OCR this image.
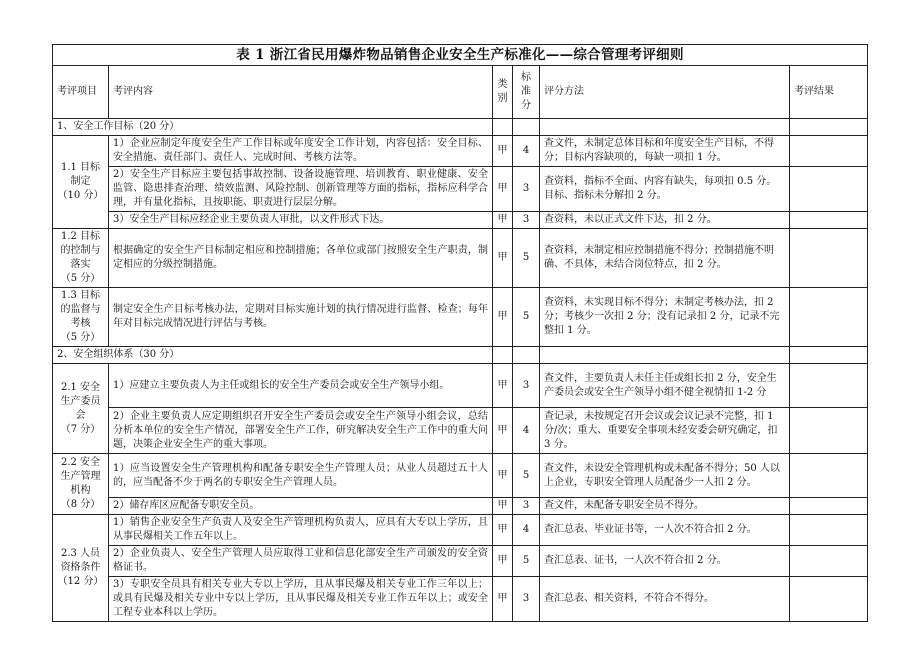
表 1 浙江省民用爆炸物品销售企业安全生产标准化——综合管理考评细则					
考评项目	考评内容	类别	标准分	评分方法	考评结果
1、安全工作目标（20 分）					
1.1 目标制定
（10 分）	1）企业应制定年度安全生产工作目标或年度安全工作计划，内容包括：安全目标、安全措施、责任部门、责任人、完成时间、考核方法等。	甲	4	查文件，未制定总体目标和年度安全生产目标，不得分；目标内容缺项的，每缺一项扣 1 分。	
	2）安全生产目标应主要包括事故控制、设备设施管理、培训教育、职业健康、安全监管、隐患排查治理、绩效监测、风险控制、创新管理等方面的指标，指标应科学合理，并有量化指标，且按职能、职责进行层层分解。	甲	3	查资料，指标不全面、内容有缺失，每项扣 0.5 分。目标、指标未分解扣 2 分。	
	3）安全生产目标应经企业主要负责人审批，以文件形式下达。	甲	3	查资料，未以正式文件下达，扣 2 分。	
1.2 目标的控制与落实
（5 分）	根据确定的安全生产目标制定相应和控制措施；各单位或部门按照安全生产职责，制定相应的分级控制措施。	甲	5	查资料，未制定相应控制措施不得分；控制措施不明确、不具体，未结合岗位特点，扣 2 分。	
1.3 目标的监督与考核
（5 分）	制定安全生产目标考核办法，定期对目标实施计划的执行情况进行监督、检查；每年年对目标完成情况进行评估与考核。	甲	5	查资料，未实现目标不得分；未制定考核办法，扣 2 分；考核少一次扣 2 分；没有记录扣 2 分，记录不完整扣 1 分。	
2、安全组织体系（30 分）					
2.1 安全生产委员会
（7 分）	1）应建立主要负责人为主任或组长的安全生产委员会或安全生产领导小组。	甲	3	查文件，主要负责人未任主任或组长扣 2 分，安全生产委员会或安全生产领导小组不健全视情扣 1-2 分	
	2）企业主要负责人应定期组织召开安全生产委员会或安全生产领导小组会议，总结分析本单位的安全生产情况，部署安全生产工作，研究解决安全生产工作中的重大问题，决策企业安全生产的重大事项。	甲	4	查记录，未按规定召开会议或会议记录不完整，扣 1 分/次；重大、重要安全事项未经安委会研究确定，扣 3 分。	
2.2 安全生产管理机构
（8 分）	1）应当设置安全生产管理机构和配备专职安全生产管理人员；从业人员超过五十人的，应当配备不少于两名的专职安全生产管理人员。	甲	5	查文件，未设安全管理机构或未配备不得分；50 人以上企业，专职安全管理人员配备少一人扣 2 分。	
	2）储存库区应配备专职安全员。	甲	3	查文件，未配备专职安全员不得分。	
2.3 人员资格条件
（12 分）	1）销售企业安全生产负责人及安全生产管理机构负责人，应具有大专以上学历，且从事民爆相关工作五年以上。	甲	4	查汇总表、毕业证书等，一人次不符合扣 2 分。	
	2）企业负责人、安全生产管理人员应取得工业和信息化部安全生产司颁发的安全资格证书。	甲	5	查汇总表、证书，一人次不符合扣 2 分。	
	3）专职安全员具有相关专业大专以上学历，且从事民爆及相关专业工作三年以上；或具有民爆及相关专业中专以上学历，且从事民爆及相关专业工作五年以上；或安全工程专业本科以上学历。	甲	3	查汇总表、相关资料，不符合不得分。	
